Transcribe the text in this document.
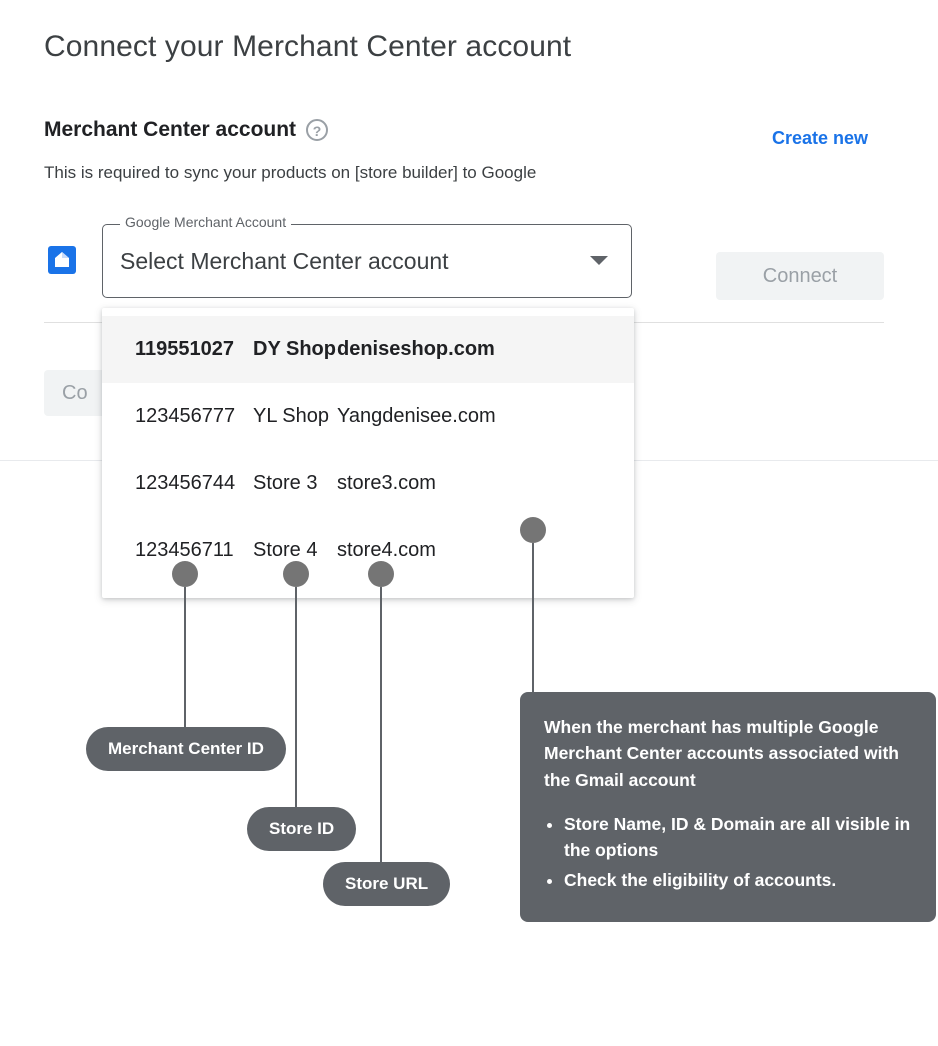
Connect your Merchant Center account
Merchant Center account	?	Create new
This is required to sync your products on [store builder] to Google
Google Merchant Account
Select Merchant Center account
Connect
Co
119551027 DY Shop deniseshop.com
123456777 YL Shop Yangdenisee.com
123456744 Store 3 store3.com
123456711 Store 4 store4.com
Merchant Center ID
Store ID
Store URL
When the merchant has multiple Google Merchant Center accounts associated with the Gmail account
• Store Name, ID & Domain are all visible in the options
• Check the eligibility of accounts.
